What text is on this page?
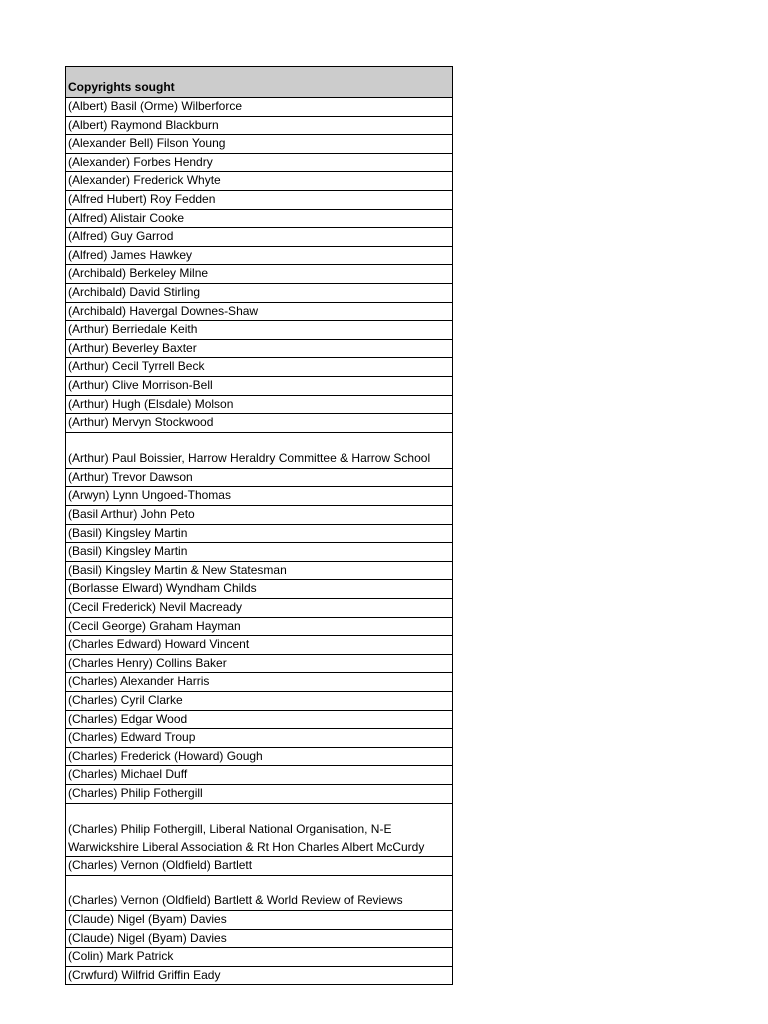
Copyrights sought
(Albert) Basil (Orme) Wilberforce
(Albert) Raymond Blackburn
(Alexander Bell) Filson Young
(Alexander) Forbes Hendry
(Alexander) Frederick Whyte
(Alfred Hubert) Roy Fedden
(Alfred) Alistair Cooke
(Alfred) Guy Garrod
(Alfred) James Hawkey
(Archibald) Berkeley Milne
(Archibald) David Stirling
(Archibald) Havergal Downes-Shaw
(Arthur) Berriedale Keith
(Arthur) Beverley Baxter
(Arthur) Cecil Tyrrell Beck
(Arthur) Clive Morrison-Bell
(Arthur) Hugh (Elsdale) Molson
(Arthur) Mervyn Stockwood
(Arthur) Paul Boissier, Harrow Heraldry Committee & Harrow School
(Arthur) Trevor Dawson
(Arwyn) Lynn Ungoed-Thomas
(Basil Arthur) John Peto
(Basil) Kingsley Martin
(Basil) Kingsley Martin
(Basil) Kingsley Martin & New Statesman
(Borlasse Elward) Wyndham Childs
(Cecil Frederick) Nevil Macready
(Cecil George) Graham Hayman
(Charles Edward) Howard Vincent
(Charles Henry) Collins Baker
(Charles) Alexander Harris
(Charles) Cyril Clarke
(Charles) Edgar Wood
(Charles) Edward Troup
(Charles) Frederick (Howard) Gough
(Charles) Michael Duff
(Charles) Philip Fothergill
(Charles) Philip Fothergill, Liberal National Organisation, N-E Warwickshire Liberal Association & Rt Hon Charles Albert McCurdy
(Charles) Vernon (Oldfield) Bartlett
(Charles) Vernon (Oldfield) Bartlett & World Review of Reviews
(Claude) Nigel (Byam) Davies
(Claude) Nigel (Byam) Davies
(Colin) Mark Patrick
(Crwfurd) Wilfrid Griffin Eady
